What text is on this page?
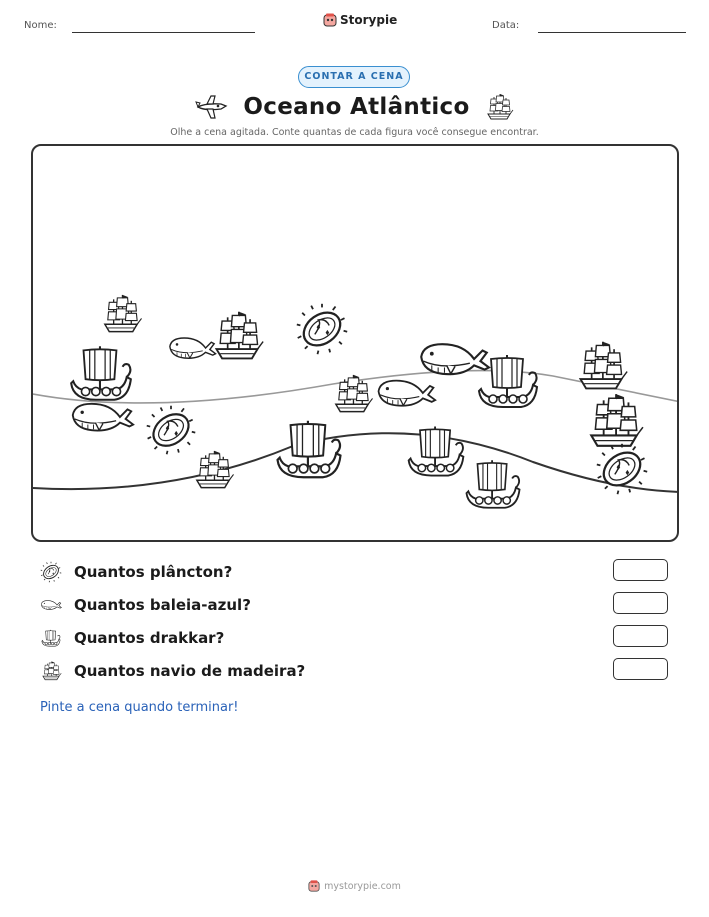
Nome:	Storypie	Data:
CONTAR A CENA
Oceano Atlântico
Olhe a cena agitada. Conte quantas de cada figura você consegue encontrar.
Quantos plâncton?
Quantos baleia-azul?
Quantos drakkar?
Quantos navio de madeira?
Pinte a cena quando terminar!
mystorypie.com
